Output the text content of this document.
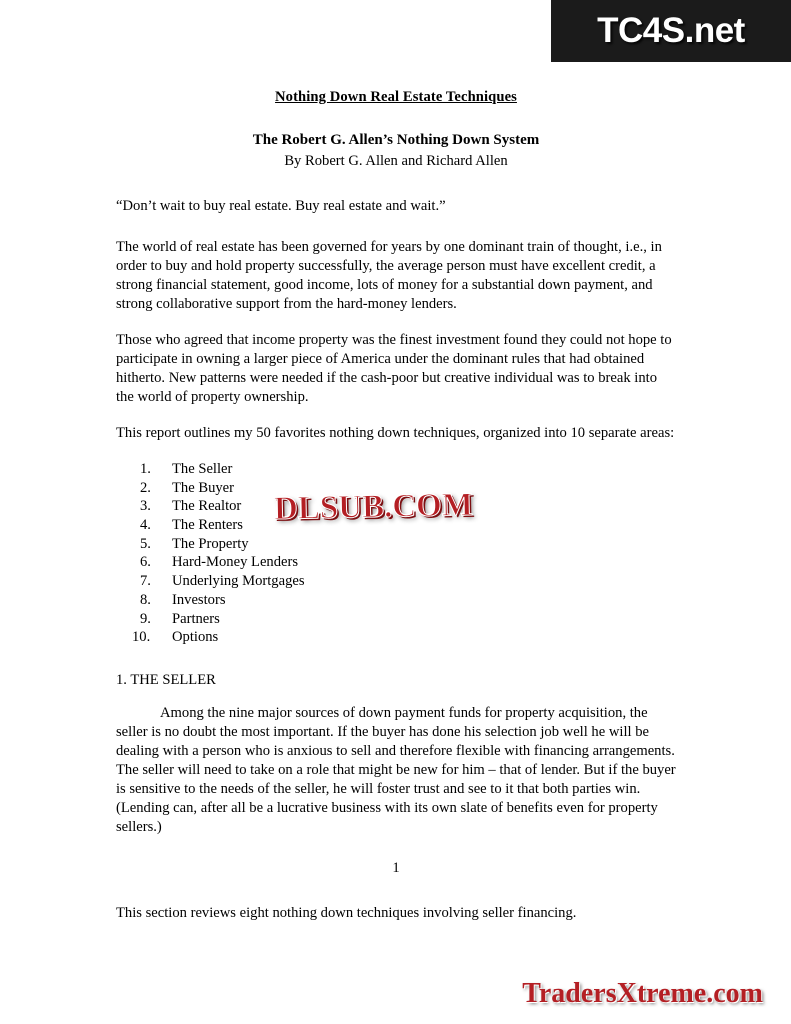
TC4S.net
Nothing Down Real Estate Techniques
The Robert G. Allen’s Nothing Down System
By Robert G. Allen and Richard Allen

“Don’t wait to buy real estate. Buy real estate and wait.”

The world of real estate has been governed for years by one dominant train of thought, i.e., in order to buy and hold property successfully, the average person must have excellent credit, a strong financial statement, good income, lots of money for a substantial down payment, and strong collaborative support from the hard-money lenders.

Those who agreed that income property was the finest investment found they could not hope to participate in owning a larger piece of America under the dominant rules that had obtained hitherto. New patterns were needed if the cash-poor but creative individual was to break into the world of property ownership.

This report outlines my 50 favorites nothing down techniques, organized into 10 separate areas:

1.	The Seller
2.	The Buyer
3.	The Realtor
4.	The Renters
5.	The Property
6.	Hard-Money Lenders
7.	Underlying Mortgages
8.	Investors
9.	Partners
10.	Options

1. THE SELLER

Among the nine major sources of down payment funds for property acquisition, the seller is no doubt the most important. If the buyer has done his selection job well he will be dealing with a person who is anxious to sell and therefore flexible with financing arrangements. The seller will need to take on a role that might be new for him – that of lender. But if the buyer is sensitive to the needs of the seller, he will foster trust and see to it that both parties win. (Lending can, after all be a lucrative business with its own slate of benefits even for property sellers.)

1

This section reviews eight nothing down techniques involving seller financing.

DLSUB.COM
TradersXtreme.com
